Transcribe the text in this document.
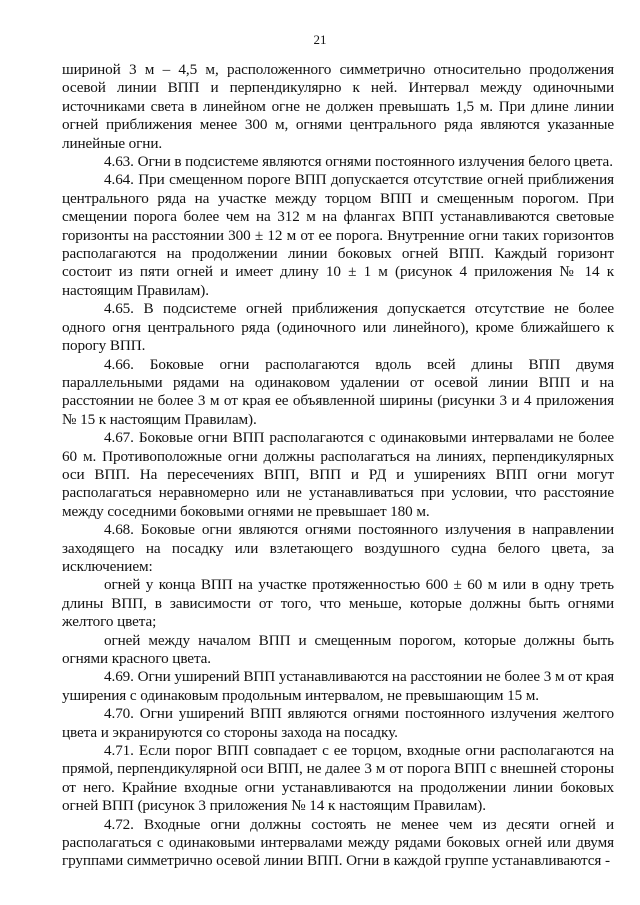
21

шириной 3 м – 4,5 м, расположенного симметрично относительно продолжения осевой линии ВПП и перпендикулярно к ней. Интервал между одиночными источниками света в линейном огне не должен превышать 1,5 м. При длине линии огней приближения менее 300 м, огнями центрального ряда являются указанные линейные огни.

4.63. Огни в подсистеме являются огнями постоянного излучения белого цвета.

4.64. При смещенном пороге ВПП допускается отсутствие огней приближения центрального ряда на участке между торцом ВПП и смещенным порогом. При смещении порога более чем на 312 м на флангах ВПП устанавливаются световые горизонты на расстоянии 300 ± 12 м от ее порога. Внутренние огни таких горизонтов располагаются на продолжении линии боковых огней ВПП. Каждый горизонт состоит из пяти огней и имеет длину 10 ± 1 м (рисунок 4 приложения № 14 к настоящим Правилам).

4.65. В подсистеме огней приближения допускается отсутствие не более одного огня центрального ряда (одиночного или линейного), кроме ближайшего к порогу ВПП.

4.66. Боковые огни располагаются вдоль всей длины ВПП двумя параллельными рядами на одинаковом удалении от осевой линии ВПП и на расстоянии не более 3 м от края ее объявленной ширины (рисунки 3 и 4 приложения № 15 к настоящим Правилам).

4.67. Боковые огни ВПП располагаются с одинаковыми интервалами не более 60 м. Противоположные огни должны располагаться на линиях, перпендикулярных оси ВПП. На пересечениях ВПП, ВПП и РД и уширениях ВПП огни могут располагаться неравномерно или не устанавливаться при условии, что расстояние между соседними боковыми огнями не превышает 180 м.

4.68. Боковые огни являются огнями постоянного излучения в направлении заходящего на посадку или взлетающего воздушного судна белого цвета, за исключением:

огней у конца ВПП на участке протяженностью 600 ± 60 м или в одну треть длины ВПП, в зависимости от того, что меньше, которые должны быть огнями желтого цвета;

огней между началом ВПП и смещенным порогом, которые должны быть огнями красного цвета.

4.69. Огни уширений ВПП устанавливаются на расстоянии не более 3 м от края уширения с одинаковым продольным интервалом, не превышающим 15 м.

4.70. Огни уширений ВПП являются огнями постоянного излучения желтого цвета и экранируются со стороны захода на посадку.

4.71. Если порог ВПП совпадает с ее торцом, входные огни располагаются на прямой, перпендикулярной оси ВПП, не далее 3 м от порога ВПП с внешней стороны от него. Крайние входные огни устанавливаются на продолжении линии боковых огней ВПП (рисунок 3 приложения № 14 к настоящим Правилам).

4.72. Входные огни должны состоять не менее чем из десяти огней и располагаться с одинаковыми интервалами между рядами боковых огней или двумя группами симметрично осевой линии ВПП. Огни в каждой группе устанавливаются -
